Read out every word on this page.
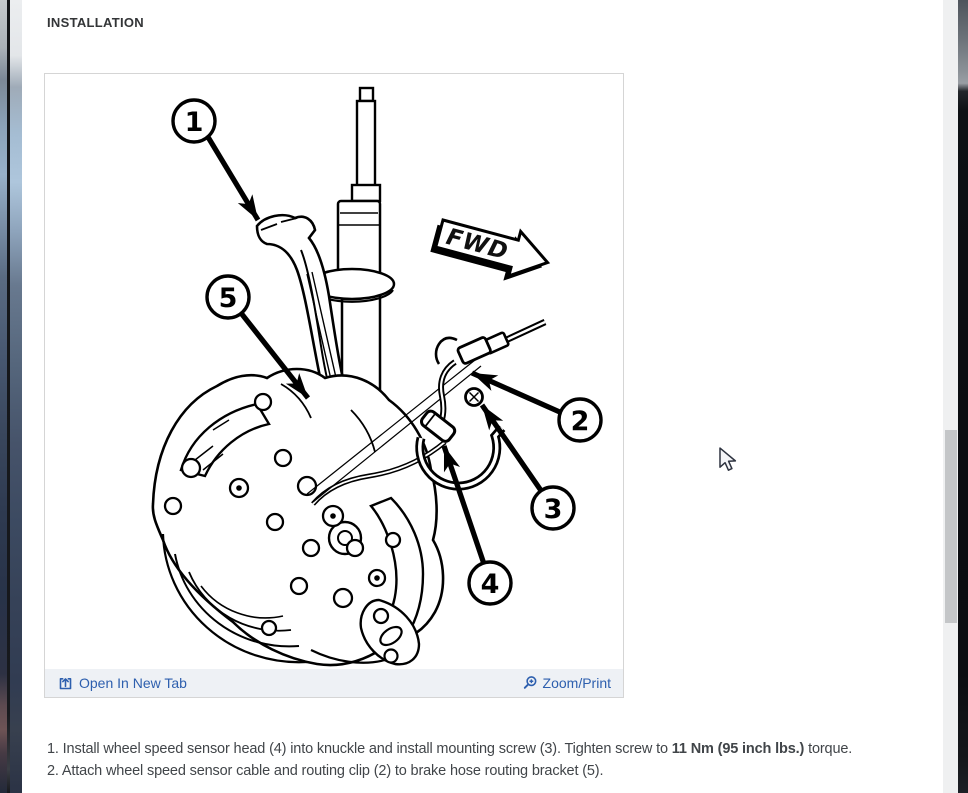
INSTALLATION
FWD
1
5
2
3
4
Open In New Tab	Zoom/Print
1. Install wheel speed sensor head (4) into knuckle and install mounting screw (3). Tighten screw to 11 Nm (95 inch lbs.) torque.
2. Attach wheel speed sensor cable and routing clip (2) to brake hose routing bracket (5).
